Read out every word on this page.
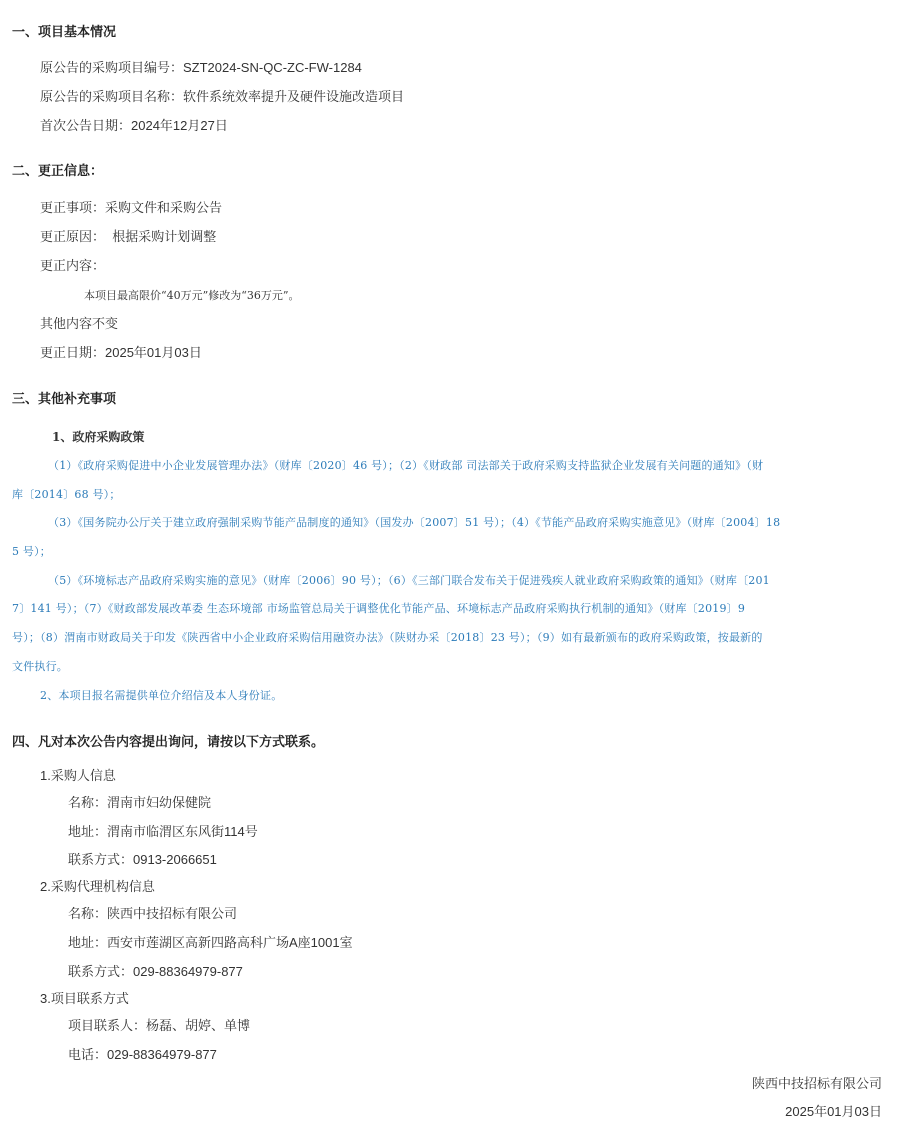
一、项目基本情况
原公告的采购项目编号：SZT2024-SN-QC-ZC-FW-1284
原公告的采购项目名称：软件系统效率提升及硬件设施改造项目
首次公告日期：2024年12月27日
二、更正信息：
更正事项：采购文件和采购公告
更正原因：  根据采购计划调整
更正内容：
本项目最高限价“40万元”修改为“36万元”。
其他内容不变
更正日期：2025年01月03日
三、其他补充事项
1、政府采购政策
（1）《政府采购促进中小企业发展管理办法》（财库〔2020〕46 号）；（2）《财政部 司法部关于政府采购支持监狱企业发展有关问题的通知》（财
库〔2014〕68 号）；
（3）《国务院办公厅关于建立政府强制采购节能产品制度的通知》（国发办〔2007〕51 号）；（4）《节能产品政府采购实施意见》（财库〔2004〕18
5 号）；
（5）《环境标志产品政府采购实施的意见》（财库〔2006〕90 号）；（6）《三部门联合发布关于促进残疾人就业政府采购政策的通知》（财库〔201
7〕141 号）；（7）《财政部发展改革委 生态环境部 市场监管总局关于调整优化节能产品、环境标志产品政府采购执行机制的通知》（财库〔2019〕9
号）；（8）渭南市财政局关于印发《陕西省中小企业政府采购信用融资办法》（陕财办采〔2018〕23 号）；（9）如有最新颁布的政府采购政策，按最新的
文件执行。
2、本项目报名需提供单位介绍信及本人身份证。
四、凡对本次公告内容提出询问，请按以下方式联系。
1.采购人信息
名称：渭南市妇幼保健院
地址：渭南市临渭区东风街114号
联系方式：0913-2066651
2.采购代理机构信息
名称：陕西中技招标有限公司
地址：西安市莲湖区高新四路高科广场A座1001室
联系方式：029-88364979-877
3.项目联系方式
项目联系人：杨磊、胡婷、单博
电话：029-88364979-877
陕西中技招标有限公司
2025年01月03日
